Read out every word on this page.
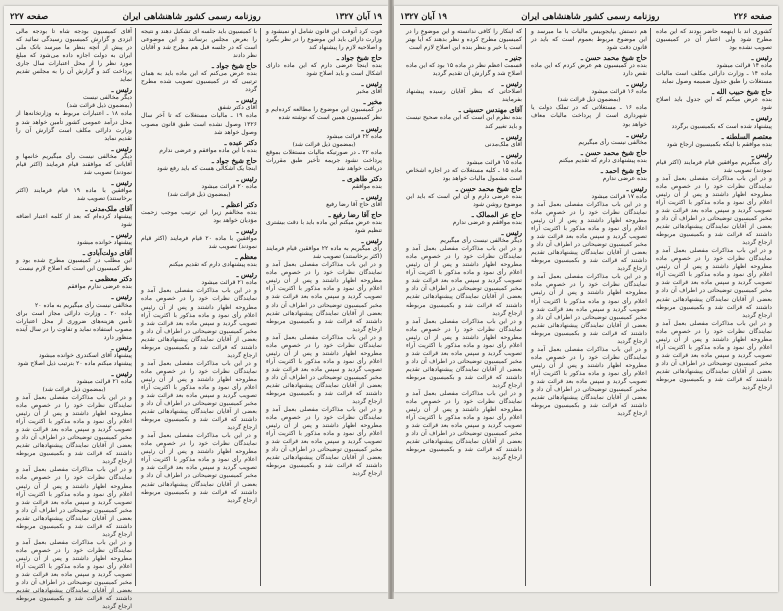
۱۹ آبان ۱۳۲۷
روزنامه رسمی کشور شاهنشاهی ایران
صفحه ۲۲۷

فوت کرد آنوقت این قانون شامل او نمیشود و وزارت دارائی باید این موضوع را در نظر بگیرد و اصلاحیه لازم را پیشنهاد کند

حاج شیخ جواد ـ
بنده اینجا عرضی دارم که این ماده دارای اشکال است و باید اصلاح شود

رئیس ـ
آقای مخبر

مخبر ـ
در کمیسیون این موضوع را مطالعه کرده‌ایم و نظر کمیسیون همین است که نوشته شده

رئیس ـ
ماده ۲۲ قرائت میشود

(بمضمون ذیل قرائت شد)

ماده ۲۲ ـ در صورتیکه مالیات مستغلات بموقع پرداخت نشود جریمه تأخیر طبق مقررات دریافت خواهد شد

دکتر طاهری ـ
بنده موافقم

رئیس ـ
آقای حاج آقا رضا رفیع

حاج آقا رضا رفیع ـ
بنده عرض میکنم این ماده باید با دقت بیشتری تنظیم شود

رئیس ـ
رأی میگیریم به ماده ۲۲ موافقین قیام فرمایند (اکثر برخاستند) تصویب شد

و در این باب مذاکرات مفصلی بعمل آمد و نمایندگان نظرات خود را در خصوص ماده مطروحه اظهار داشتند و پس از آن رئیس اعلام رأی نمود و ماده مذکور با اکثریت آراء تصویب گردید و سپس ماده بعد قرائت شد و مخبر کمیسیون توضیحاتی در اطراف آن داد و بعضی از آقایان نمایندگان پیشنهادهائی تقدیم داشتند که قرائت شد و بکمیسیون مربوطه ارجاع گردید

و در این باب مذاکرات مفصلی بعمل آمد و نمایندگان نظرات خود را در خصوص ماده مطروحه اظهار داشتند و پس از آن رئیس اعلام رأی نمود و ماده مذکور با اکثریت آراء تصویب گردید و سپس ماده بعد قرائت شد و مخبر کمیسیون توضیحاتی در اطراف آن داد و بعضی از آقایان نمایندگان پیشنهادهائی تقدیم داشتند که قرائت شد و بکمیسیون مربوطه ارجاع گردید

و در این باب مذاکرات مفصلی بعمل آمد و نمایندگان نظرات خود را در خصوص ماده مطروحه اظهار داشتند و پس از آن رئیس اعلام رأی نمود و ماده مذکور با اکثریت آراء تصویب گردید و سپس ماده بعد قرائت شد و مخبر کمیسیون توضیحاتی در اطراف آن داد و بعضی از آقایان نمایندگان پیشنهادهائی تقدیم داشتند که قرائت شد و بکمیسیون مربوطه ارجاع گردید

با کمیسیون باید جلسه ای تشکیل دهند و نتیجه را بعرض مجلس برسانند و این موضوعی است که در جلسه قبل هم مطرح شد و آقایان نظر دادند

حاج شیخ جواد ـ
بنده عرض می‌کنم که این ماده باید به همان ترتیبی که در کمیسیون تصویب شده مطرح گردد

رئیس ـ
آقای دکتر شفق

ماده ۱۹ ـ مالیات مستغلات که تا آخر سال ۱۳۲۶ وصول نشده است طبق قانون مصوب وصول خواهد شد

دکتر عبده ـ
بنده با این ماده موافقم و عرضی ندارم

حاج شیخ جواد ـ
اینجا یک اشکالی هست که باید رفع شود

رئیس ـ
ماده ۲۰ قرائت میشود

(بمضمون ذیل قرائت شد)

دکتر اعظم ـ
بنده مخالفم زیرا این ترتیب موجب زحمت مؤدیان خواهد بود

رئیس ـ
موافقین با ماده ۲۰ قیام فرمایند (اکثر قیام نمودند) تصویب شد

معظم ـ
بنده پیشنهادی دارم که تقدیم میکنم

رئیس ـ
ماده ۲۱ قرائت میشود

و در این باب مذاکرات مفصلی بعمل آمد و نمایندگان نظرات خود را در خصوص ماده مطروحه اظهار داشتند و پس از آن رئیس اعلام رأی نمود و ماده مذکور با اکثریت آراء تصویب گردید و سپس ماده بعد قرائت شد و مخبر کمیسیون توضیحاتی در اطراف آن داد و بعضی از آقایان نمایندگان پیشنهادهائی تقدیم داشتند که قرائت شد و بکمیسیون مربوطه ارجاع گردید

و در این باب مذاکرات مفصلی بعمل آمد و نمایندگان نظرات خود را در خصوص ماده مطروحه اظهار داشتند و پس از آن رئیس اعلام رأی نمود و ماده مذکور با اکثریت آراء تصویب گردید و سپس ماده بعد قرائت شد و مخبر کمیسیون توضیحاتی در اطراف آن داد و بعضی از آقایان نمایندگان پیشنهادهائی تقدیم داشتند که قرائت شد و بکمیسیون مربوطه ارجاع گردید

و در این باب مذاکرات مفصلی بعمل آمد و نمایندگان نظرات خود را در خصوص ماده مطروحه اظهار داشتند و پس از آن رئیس اعلام رأی نمود و ماده مذکور با اکثریت آراء تصویب گردید و سپس ماده بعد قرائت شد و مخبر کمیسیون توضیحاتی در اطراف آن داد و بعضی از آقایان نمایندگان پیشنهادهائی تقدیم داشتند که قرائت شد و بکمیسیون مربوطه ارجاع گردید

آقای کمیسیون بودجه شاه تا بودجه مالی ایزدی و گزارش کمیسیون رسیدگی نمائید که در پیش از آنچه بنظر ما میرسد بانک ملی ایران به دولت اجازه داده می‌شود که مبلغ مورد نظر را از محل اعتبارات سال جاری پرداخت کند و گزارش آن را به مجلس تقدیم نماید

رئیس ـ
دیگر مخالفی نیست

(بمضمون ذیل قرائت شد)

ماده ۱۸ ـ اعتبارات مربوط به وزارتخانه‌ها از محل درآمد عمومی کشور تأمین خواهد شد و وزارت دارائی مکلف است گزارش آن را تقدیم نماید

رئیس ـ
دیگر مخالفی نیست رأی میگیریم خانمها و آقایانی که موافقند قیام فرمایند (اکثر قیام نمودند) تصویب شد

رئیس ـ
موافقین با ماده ۱۹ قیام فرمایند (اکثر برخاستند) تصویب شد

آقای ملک‌مدنی ـ
پیشنهاد کرده‌ام که بعد از کلمه اعتبار اضافه شود

رئیس ـ
پیشنهاد خوانده میشود

آقای دولت‌آبادی ـ
این مطلب در کمیسیون مطرح شده بود و نظر کمیسیون این است که اصلاح لازم نیست

دکتر معظمی ـ
بنده عرضی ندارم موافقم

رئیس ـ
مخالفی نیست رأی میگیریم به ماده ۲۰

ماده ۲۰ ـ وزارت دارائی مجاز است برای تأمین هزینه‌های ضروری از محل اعتبارات مصوب استفاده نماید و تفاوت را در سال آینده منظور دارد

رئیس ـ
پیشنهاد آقای اسکندری خوانده میشود

پیشنهاد میکنم ماده ۲۰ بترتیب ذیل اصلاح شود

رئیس ـ
ماده ۲۱ قرائت میشود

(بمضمون ذیل قرائت شد)

و در این باب مذاکرات مفصلی بعمل آمد و نمایندگان نظرات خود را در خصوص ماده مطروحه اظهار داشتند و پس از آن رئیس اعلام رأی نمود و ماده مذکور با اکثریت آراء تصویب گردید و سپس ماده بعد قرائت شد و مخبر کمیسیون توضیحاتی در اطراف آن داد و بعضی از آقایان نمایندگان پیشنهادهائی تقدیم داشتند که قرائت شد و بکمیسیون مربوطه ارجاع گردید

و در این باب مذاکرات مفصلی بعمل آمد و نمایندگان نظرات خود را در خصوص ماده مطروحه اظهار داشتند و پس از آن رئیس اعلام رأی نمود و ماده مذکور با اکثریت آراء تصویب گردید و سپس ماده بعد قرائت شد و مخبر کمیسیون توضیحاتی در اطراف آن داد و بعضی از آقایان نمایندگان پیشنهادهائی تقدیم داشتند که قرائت شد و بکمیسیون مربوطه ارجاع گردید

و در این باب مذاکرات مفصلی بعمل آمد و نمایندگان نظرات خود را در خصوص ماده مطروحه اظهار داشتند و پس از آن رئیس اعلام رأی نمود و ماده مذکور با اکثریت آراء تصویب گردید و سپس ماده بعد قرائت شد و مخبر کمیسیون توضیحاتی در اطراف آن داد و بعضی از آقایان نمایندگان پیشنهادهائی تقدیم داشتند که قرائت شد و بکمیسیون مربوطه ارجاع گردید

صفحه ۲۲۶
روزنامه رسمی کشور شاهنشاهی ایران
۱۹ آبان ۱۳۲۷

کشوری اند با اینهمه حاضر بودند که این ماده مطرح شود ولی اعتبار آن در کمیسیون تصویب نشده بود

رئیس ـ
ماده ۱۴ قرائت میشود

ماده ۱۴ ـ وزارت دارائی مکلف است مالیات مستغلات را طبق جدول ضمیمه وصول نماید

حاج شیخ حبیب الله ـ
بنده عرض میکنم که این جدول باید اصلاح شود

رئیس ـ
پیشنهاد شده است که بکمیسیون برگردد

معتصم السلطنه ـ
بنده موافقم با اینکه بکمیسیون ارجاع شود

رئیس ـ
رأی میگیریم موافقین قیام فرمایند (اکثر قیام نمودند) تصویب شد

و در این باب مذاکرات مفصلی بعمل آمد و نمایندگان نظرات خود را در خصوص ماده مطروحه اظهار داشتند و پس از آن رئیس اعلام رأی نمود و ماده مذکور با اکثریت آراء تصویب گردید و سپس ماده بعد قرائت شد و مخبر کمیسیون توضیحاتی در اطراف آن داد و بعضی از آقایان نمایندگان پیشنهادهائی تقدیم داشتند که قرائت شد و بکمیسیون مربوطه ارجاع گردید

و در این باب مذاکرات مفصلی بعمل آمد و نمایندگان نظرات خود را در خصوص ماده مطروحه اظهار داشتند و پس از آن رئیس اعلام رأی نمود و ماده مذکور با اکثریت آراء تصویب گردید و سپس ماده بعد قرائت شد و مخبر کمیسیون توضیحاتی در اطراف آن داد و بعضی از آقایان نمایندگان پیشنهادهائی تقدیم داشتند که قرائت شد و بکمیسیون مربوطه ارجاع گردید

و در این باب مذاکرات مفصلی بعمل آمد و نمایندگان نظرات خود را در خصوص ماده مطروحه اظهار داشتند و پس از آن رئیس اعلام رأی نمود و ماده مذکور با اکثریت آراء تصویب گردید و سپس ماده بعد قرائت شد و مخبر کمیسیون توضیحاتی در اطراف آن داد و بعضی از آقایان نمایندگان پیشنهادهائی تقدیم داشتند که قرائت شد و بکمیسیون مربوطه ارجاع گردید

هم دستش بپایجوبیس مالیات با ما میرسد و این موضوع مربوط بعموم است که باید در قانون دقت شود

حاج شیخ محمد حسن ـ
بنده در کمیسیون هم عرض کردم که این ماده نقص دارد

رئیس ـ
ماده ۱۶ قرائت میشود

(بمضمون ذیل قرائت شد)

ماده ۱۶ ـ مستغلاتی که در تملک دولت یا شهرداری است از پرداخت مالیات معاف خواهد بود

رئیس ـ
مخالفی نیست رأی میگیریم

حاج شیخ محمد حسن ـ
بنده پیشنهادی دارم که تقدیم میکنم

حاج شیخ احمد ـ
بنده عرضی ندارم

رئیس ـ
ماده ۱۷ قرائت میشود

و در این باب مذاکرات مفصلی بعمل آمد و نمایندگان نظرات خود را در خصوص ماده مطروحه اظهار داشتند و پس از آن رئیس اعلام رأی نمود و ماده مذکور با اکثریت آراء تصویب گردید و سپس ماده بعد قرائت شد و مخبر کمیسیون توضیحاتی در اطراف آن داد و بعضی از آقایان نمایندگان پیشنهادهائی تقدیم داشتند که قرائت شد و بکمیسیون مربوطه ارجاع گردید

و در این باب مذاکرات مفصلی بعمل آمد و نمایندگان نظرات خود را در خصوص ماده مطروحه اظهار داشتند و پس از آن رئیس اعلام رأی نمود و ماده مذکور با اکثریت آراء تصویب گردید و سپس ماده بعد قرائت شد و مخبر کمیسیون توضیحاتی در اطراف آن داد و بعضی از آقایان نمایندگان پیشنهادهائی تقدیم داشتند که قرائت شد و بکمیسیون مربوطه ارجاع گردید

و در این باب مذاکرات مفصلی بعمل آمد و نمایندگان نظرات خود را در خصوص ماده مطروحه اظهار داشتند و پس از آن رئیس اعلام رأی نمود و ماده مذکور با اکثریت آراء تصویب گردید و سپس ماده بعد قرائت شد و مخبر کمیسیون توضیحاتی در اطراف آن داد و بعضی از آقایان نمایندگان پیشنهادهائی تقدیم داشتند که قرائت شد و بکمیسیون مربوطه ارجاع گردید

که اینکار را کافی ندانسته و این موضوع را در کمیسیون مطرح کرده و نظر بدهند که آیا بهتر است یا خیر و بنظر بنده این اصلاح لازم است

جنیر ـ
قسمت اعظم نظر در ماده ۱۵ بود که این ماده اصلاح شد و گزارش آن تقدیم گردید

رئیس ـ
اصلاحاتی که بنظر آقایان رسیده پیشنهاد بفرمایند

آقای مهندس حسینی ـ
بنده نظرم این است که این ماده صحیح نیست و باید تغییر کند

رئیس ـ
آقای ملک‌مدنی

رئیس ـ
ماده ۱۵ قرائت میشود

ماده ۱۵ ـ کلیه مستغلات که در اجاره اشخاص است مشمول مالیات خواهد بود

حاج شیخ محمد حسن ـ
بنده عرضی دارم و آن این است که باید این موضوع روشن شود

حاج عز الممالک ـ
بنده موافقم و عرضی ندارم

رئیس ـ
دیگر مخالفی نیست رأی میگیریم

و در این باب مذاکرات مفصلی بعمل آمد و نمایندگان نظرات خود را در خصوص ماده مطروحه اظهار داشتند و پس از آن رئیس اعلام رأی نمود و ماده مذکور با اکثریت آراء تصویب گردید و سپس ماده بعد قرائت شد و مخبر کمیسیون توضیحاتی در اطراف آن داد و بعضی از آقایان نمایندگان پیشنهادهائی تقدیم داشتند که قرائت شد و بکمیسیون مربوطه ارجاع گردید

و در این باب مذاکرات مفصلی بعمل آمد و نمایندگان نظرات خود را در خصوص ماده مطروحه اظهار داشتند و پس از آن رئیس اعلام رأی نمود و ماده مذکور با اکثریت آراء تصویب گردید و سپس ماده بعد قرائت شد و مخبر کمیسیون توضیحاتی در اطراف آن داد و بعضی از آقایان نمایندگان پیشنهادهائی تقدیم داشتند که قرائت شد و بکمیسیون مربوطه ارجاع گردید

و در این باب مذاکرات مفصلی بعمل آمد و نمایندگان نظرات خود را در خصوص ماده مطروحه اظهار داشتند و پس از آن رئیس اعلام رأی نمود و ماده مذکور با اکثریت آراء تصویب گردید و سپس ماده بعد قرائت شد و مخبر کمیسیون توضیحاتی در اطراف آن داد و بعضی از آقایان نمایندگان پیشنهادهائی تقدیم داشتند که قرائت شد و بکمیسیون مربوطه ارجاع گردید
